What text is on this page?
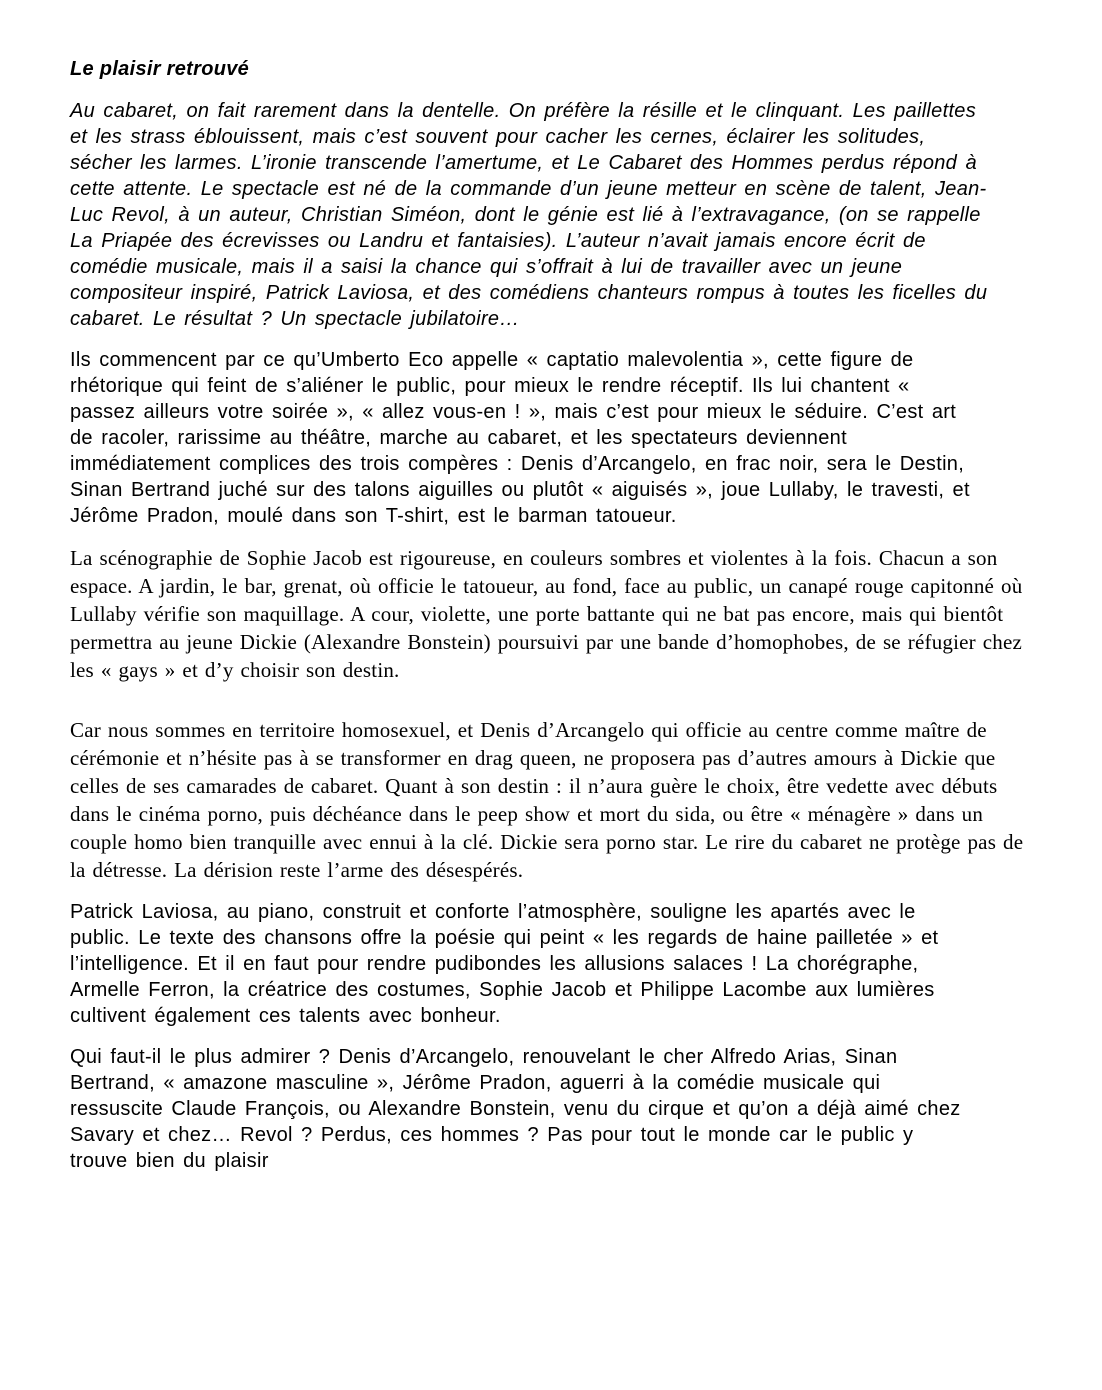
Le plaisir retrouvé

Au cabaret, on fait rarement dans la dentelle. On préfère la résille et le clinquant. Les paillettes et les strass éblouissent, mais c’est souvent pour cacher les cernes, éclairer les solitudes, sécher les larmes. L’ironie transcende l’amertume, et Le Cabaret des Hommes perdus répond à cette attente. Le spectacle est né de la commande d’un jeune metteur en scène de talent, Jean-Luc Revol, à un auteur, Christian Siméon, dont le génie est lié à l’extravagance, (on se rappelle La Priapée des écrevisses ou Landru et fantaisies). L’auteur n’avait jamais encore écrit de comédie musicale, mais il a saisi la chance qui s’offrait à lui de travailler avec un jeune compositeur inspiré, Patrick Laviosa, et des comédiens chanteurs rompus à toutes les ficelles du cabaret. Le résultat ? Un spectacle jubilatoire…

Ils commencent par ce qu’Umberto Eco appelle « captatio malevolentia », cette figure de rhétorique qui feint de s’aliéner le public, pour mieux le rendre réceptif. Ils lui chantent « passez ailleurs votre soirée », « allez vous-en ! », mais c’est pour mieux le séduire. C’est art de racoler, rarissime au théâtre, marche au cabaret, et les spectateurs deviennent immédiatement complices des trois compères : Denis d’Arcangelo, en frac noir, sera le Destin, Sinan Bertrand juché sur des talons aiguilles ou plutôt « aiguisés », joue Lullaby, le travesti, et Jérôme Pradon, moulé dans son T-shirt, est le barman tatoueur.

La scénographie de Sophie Jacob est rigoureuse, en couleurs sombres et violentes à la fois. Chacun a son espace. A jardin, le bar, grenat, où officie le tatoueur, au fond, face au public, un canapé rouge capitonné où Lullaby vérifie son maquillage. A cour, violette, une porte battante qui ne bat pas encore, mais qui bientôt permettra au jeune Dickie (Alexandre Bonstein) poursuivi par une bande d’homophobes, de se réfugier chez les « gays » et d’y choisir son destin.

Car nous sommes en territoire homosexuel, et Denis d’Arcangelo qui officie au centre comme maître de cérémonie et n’hésite pas à se transformer en drag queen, ne proposera pas d’autres amours à Dickie que celles de ses camarades de cabaret. Quant à son destin : il n’aura guère le choix, être vedette avec débuts dans le cinéma porno, puis déchéance dans le peep show et mort du sida, ou être « ménagère » dans un couple homo bien tranquille avec ennui à la clé. Dickie sera porno star. Le rire du cabaret ne protège pas de la détresse. La dérision reste l’arme des désespérés.

Patrick Laviosa, au piano, construit et conforte l’atmosphère, souligne les apartés avec le public. Le texte des chansons offre la poésie qui peint « les regards de haine pailletée » et l’intelligence. Et il en faut pour rendre pudibondes les allusions salaces ! La chorégraphe, Armelle Ferron, la créatrice des costumes, Sophie Jacob et Philippe Lacombe aux lumières cultivent également ces talents avec bonheur.

Qui faut-il le plus admirer ? Denis d’Arcangelo, renouvelant le cher Alfredo Arias, Sinan Bertrand, « amazone masculine », Jérôme Pradon, aguerri à la comédie musicale qui ressuscite Claude François, ou Alexandre Bonstein, venu du cirque et qu’on a déjà aimé chez Savary et chez… Revol ? Perdus, ces hommes ? Pas pour tout le monde car le public y trouve bien du plaisir
